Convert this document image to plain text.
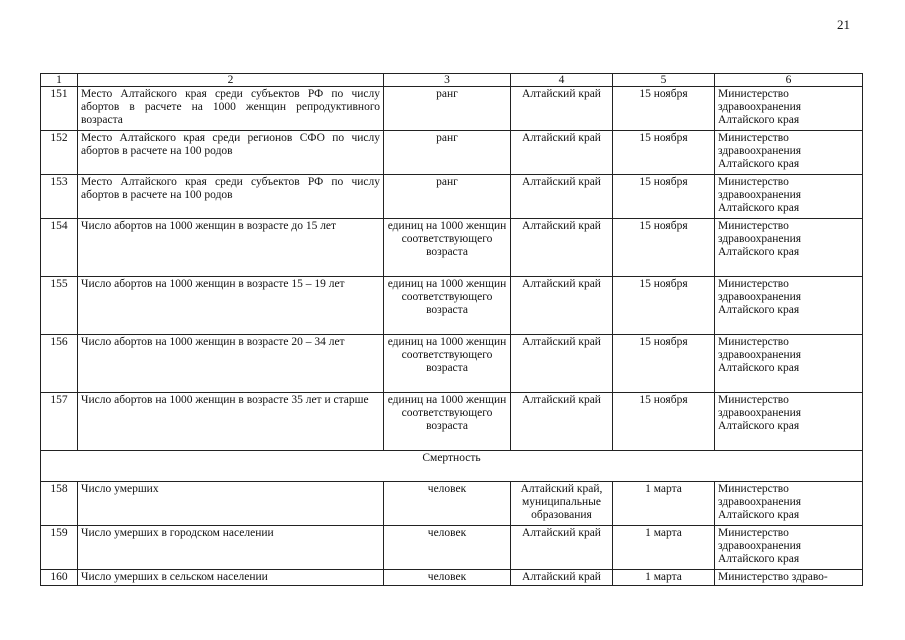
21
1	2	3	4	5	6
151	Место Алтайского края среди субъектов РФ по числу абортов в расчете на 1000 женщин репродуктивного возраста	ранг	Алтайский край	15 ноября	Министерство здравоохранения Алтайского края
152	Место Алтайского края среди регионов СФО по числу абортов в расчете на 100 родов	ранг	Алтайский край	15 ноября	Министерство здравоохранения Алтайского края
153	Место Алтайского края среди субъектов РФ по числу абортов в расчете на 100 родов	ранг	Алтайский край	15 ноября	Министерство здравоохранения Алтайского края
154	Число абортов на 1000 женщин в возрасте до 15 лет	единиц на 1000 женщин соответствующего возраста	Алтайский край	15 ноября	Министерство здравоохранения Алтайского края
155	Число абортов на 1000 женщин в возрасте 15 – 19 лет	единиц на 1000 женщин соответствующего возраста	Алтайский край	15 ноября	Министерство здравоохранения Алтайского края
156	Число абортов на 1000 женщин в возрасте 20 – 34 лет	единиц на 1000 женщин соответствующего возраста	Алтайский край	15 ноября	Министерство здравоохранения Алтайского края
157	Число абортов на 1000 женщин в возрасте 35 лет и старше	единиц на 1000 женщин соответствующего возраста	Алтайский край	15 ноября	Министерство здравоохранения Алтайского края
Смертность					
158	Число умерших	человек	Алтайский край, муниципальные образования	1 марта	Министерство здравоохранения Алтайского края
159	Число умерших в городском населении	человек	Алтайский край	1 марта	Министерство здравоохранения Алтайского края
160	Число умерших в сельском населении	человек	Алтайский край	1 марта	Министерство здраво-
